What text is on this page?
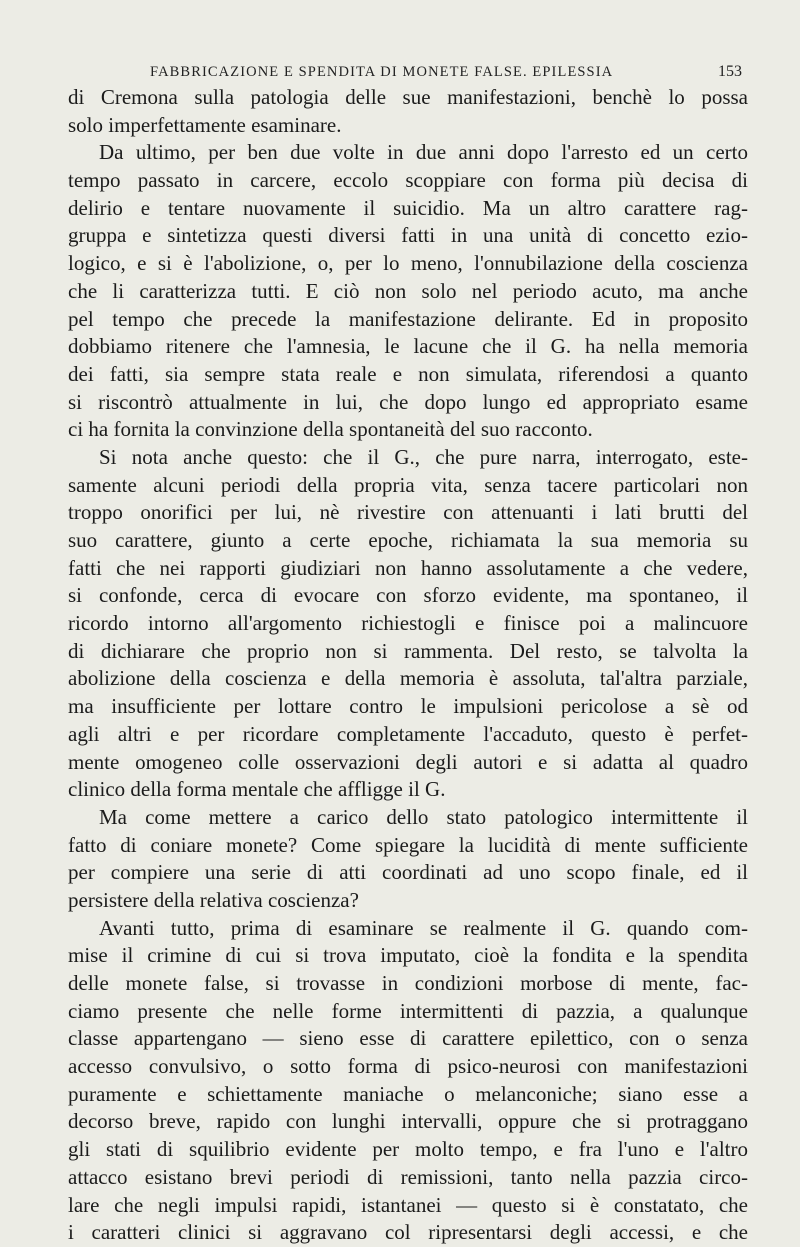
FABBRICAZIONE E SPENDITA DI MONETE FALSE. EPILESSIA	153
di Cremona sulla patologia delle sue manifestazioni, benchè lo possa
solo imperfettamente esaminare.
Da ultimo, per ben due volte in due anni dopo l'arresto ed un certo
tempo passato in carcere, eccolo scoppiare con forma più decisa di
delirio e tentare nuovamente il suicidio. Ma un altro carattere rag-
gruppa e sintetizza questi diversi fatti in una unità di concetto ezio-
logico, e si è l'abolizione, o, per lo meno, l'onnubilazione della coscienza
che li caratterizza tutti. E ciò non solo nel periodo acuto, ma anche
pel tempo che precede la manifestazione delirante. Ed in proposito
dobbiamo ritenere che l'amnesia, le lacune che il G. ha nella memoria
dei fatti, sia sempre stata reale e non simulata, riferendosi a quanto
si riscontrò attualmente in lui, che dopo lungo ed appropriato esame
ci ha fornita la convinzione della spontaneità del suo racconto.
Si nota anche questo: che il G., che pure narra, interrogato, este-
samente alcuni periodi della propria vita, senza tacere particolari non
troppo onorifici per lui, nè rivestire con attenuanti i lati brutti del
suo carattere, giunto a certe epoche, richiamata la sua memoria su
fatti che nei rapporti giudiziari non hanno assolutamente a che vedere,
si confonde, cerca di evocare con sforzo evidente, ma spontaneo, il
ricordo intorno all'argomento richiestogli e finisce poi a malincuore
di dichiarare che proprio non si rammenta. Del resto, se talvolta la
abolizione della coscienza e della memoria è assoluta, tal'altra parziale,
ma insufficiente per lottare contro le impulsioni pericolose a sè od
agli altri e per ricordare completamente l'accaduto, questo è perfet-
mente omogeneo colle osservazioni degli autori e si adatta al quadro
clinico della forma mentale che affligge il G.
Ma come mettere a carico dello stato patologico intermittente il
fatto di coniare monete? Come spiegare la lucidità di mente sufficiente
per compiere una serie di atti coordinati ad uno scopo finale, ed il
persistere della relativa coscienza?
Avanti tutto, prima di esaminare se realmente il G. quando com-
mise il crimine di cui si trova imputato, cioè la fondita e la spendita
delle monete false, si trovasse in condizioni morbose di mente, fac-
ciamo presente che nelle forme intermittenti di pazzia, a qualunque
classe appartengano — sieno esse di carattere epilettico, con o senza
accesso convulsivo, o sotto forma di psico-neurosi con manifestazioni
puramente e schiettamente maniache o melanconiche; siano esse a
decorso breve, rapido con lunghi intervalli, oppure che si protraggano
gli stati di squilibrio evidente per molto tempo, e fra l'uno e l'altro
attacco esistano brevi periodi di remissioni, tanto nella pazzia circo-
lare che negli impulsi rapidi, istantanei — questo si è constatato, che
i caratteri clinici si aggravano col ripresentarsi degli accessi, e che
